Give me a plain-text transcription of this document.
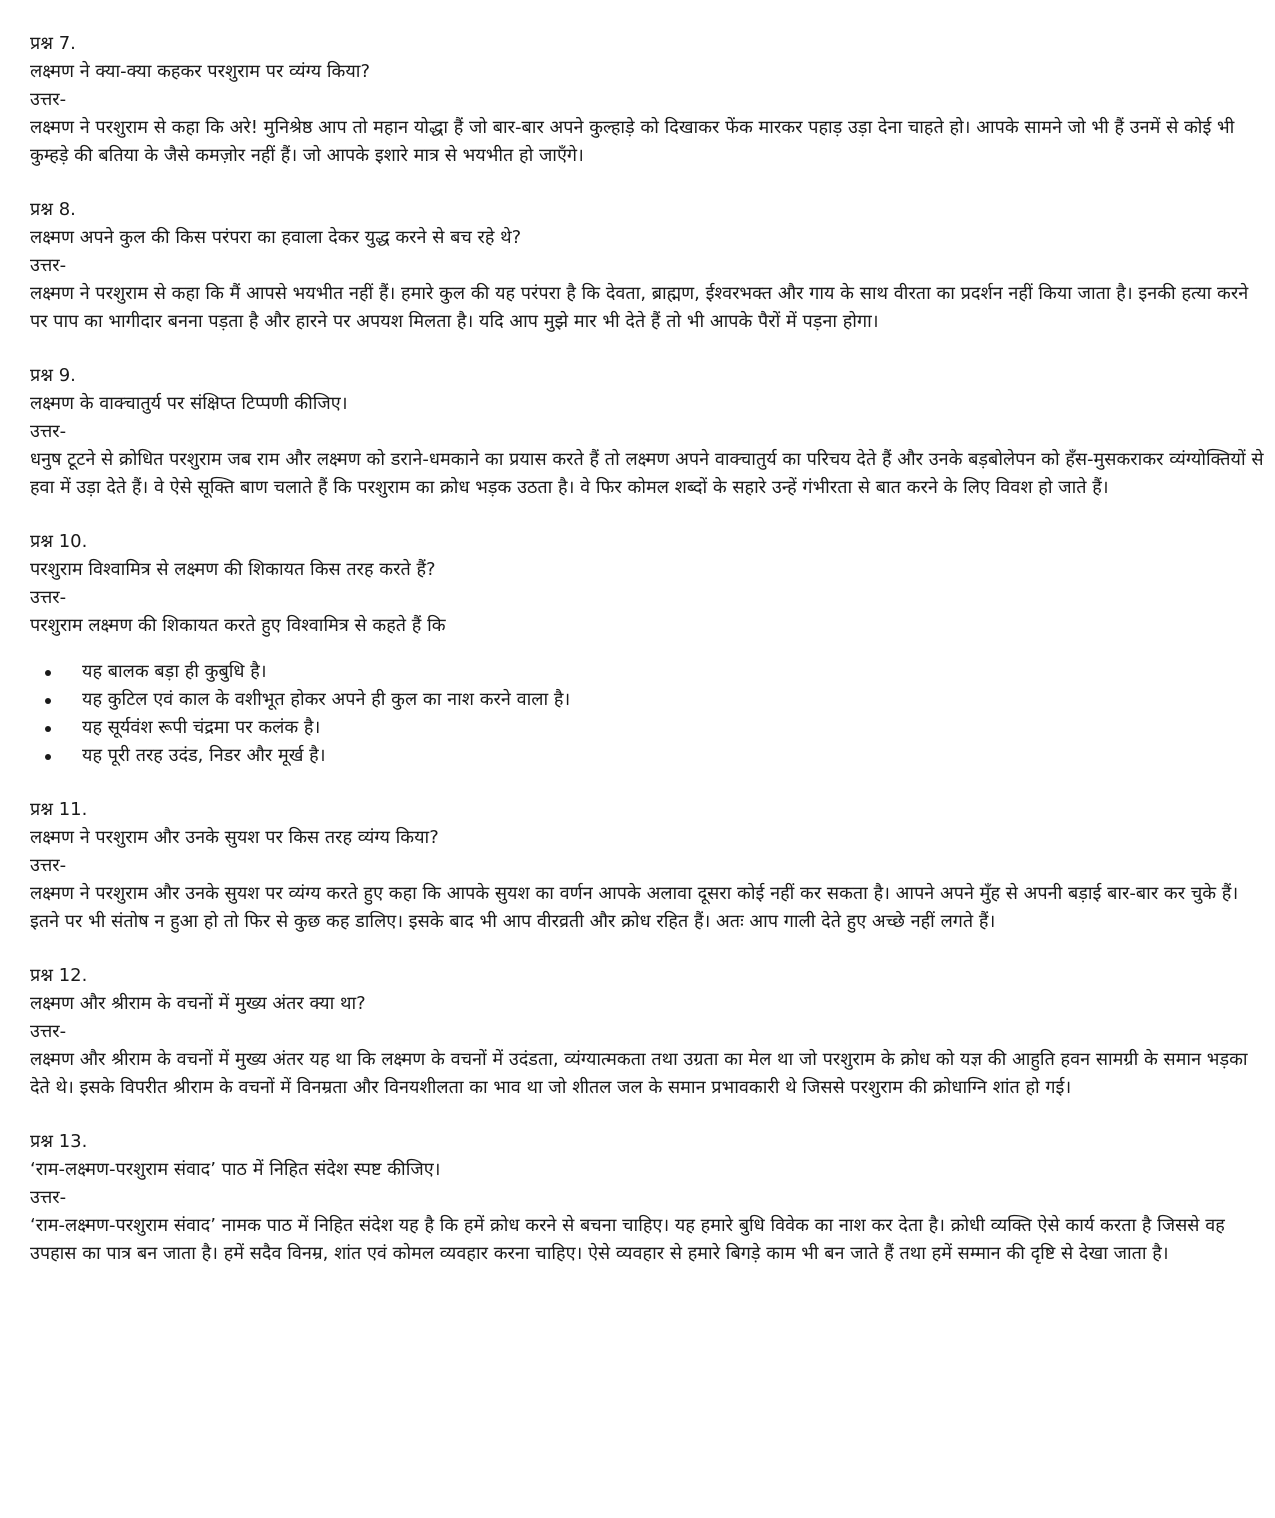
प्रश्न 7.
लक्ष्मण ने क्या-क्या कहकर परशुराम पर व्यंग्य किया?
उत्तर-

लक्ष्मण ने परशुराम से कहा कि अरे! मुनिश्रेष्ठ आप तो महान योद्धा हैं जो बार-बार अपने कुल्हाड़े को दिखाकर फेंक मारकर पहाड़ उड़ा देना चाहते हो। आपके सामने जो भी हैं उनमें से कोई भी कुम्हड़े की बतिया के जैसे कमज़ोर नहीं हैं। जो आपके इशारे मात्र से भयभीत हो जाएँगे।

प्रश्न 8.
लक्ष्मण अपने कुल की किस परंपरा का हवाला देकर युद्ध करने से बच रहे थे?
उत्तर-

लक्ष्मण ने परशुराम से कहा कि मैं आपसे भयभीत नहीं हैं। हमारे कुल की यह परंपरा है कि देवता, ब्राह्मण, ईश्वरभक्त और गाय के साथ वीरता का प्रदर्शन नहीं किया जाता है। इनकी हत्या करने पर पाप का भागीदार बनना पड़ता है और हारने पर अपयश मिलता है। यदि आप मुझे मार भी देते हैं तो भी आपके पैरों में पड़ना होगा।

प्रश्न 9.
लक्ष्मण के वाक्चातुर्य पर संक्षिप्त टिप्पणी कीजिए।
उत्तर-

धनुष टूटने से क्रोधित परशुराम जब राम और लक्ष्मण को डराने-धमकाने का प्रयास करते हैं तो लक्ष्मण अपने वाक्चातुर्य का परिचय देते हैं और उनके बड़बोलेपन को हँस-मुसकराकर व्यंग्योक्तियों से हवा में उड़ा देते हैं। वे ऐसे सूक्ति बाण चलाते हैं कि परशुराम का क्रोध भड़क उठता है। वे फिर कोमल शब्दों के सहारे उन्हें गंभीरता से बात करने के लिए विवश हो जाते हैं।

प्रश्न 10.
परशुराम विश्वामित्र से लक्ष्मण की शिकायत किस तरह करते हैं?
उत्तर-

परशुराम लक्ष्मण की शिकायत करते हुए विश्वामित्र से कहते हैं कि

यह बालक बड़ा ही कुबुधि है।
यह कुटिल एवं काल के वशीभूत होकर अपने ही कुल का नाश करने वाला है।
यह सूर्यवंश रूपी चंद्रमा पर कलंक है।
यह पूरी तरह उदंड, निडर और मूर्ख है।
प्रश्न 11.
लक्ष्मण ने परशुराम और उनके सुयश पर किस तरह व्यंग्य किया?
उत्तर-

लक्ष्मण ने परशुराम और उनके सुयश पर व्यंग्य करते हुए कहा कि आपके सुयश का वर्णन आपके अलावा दूसरा कोई नहीं कर सकता है। आपने अपने मुँह से अपनी बड़ाई बार-बार कर चुके हैं। इतने पर भी संतोष न हुआ हो तो फिर से कुछ कह डालिए। इसके बाद भी आप वीरव्रती और क्रोध रहित हैं। अतः आप गाली देते हुए अच्छे नहीं लगते हैं।

प्रश्न 12.
लक्ष्मण और श्रीराम के वचनों में मुख्य अंतर क्या था?
उत्तर-

लक्ष्मण और श्रीराम के वचनों में मुख्य अंतर यह था कि लक्ष्मण के वचनों में उदंडता, व्यंग्यात्मकता तथा उग्रता का मेल था जो परशुराम के क्रोध को यज्ञ की आहुति हवन सामग्री के समान भड़का देते थे। इसके विपरीत श्रीराम के वचनों में विनम्रता और विनयशीलता का भाव था जो शीतल जल के समान प्रभावकारी थे जिससे परशुराम की क्रोधाग्नि शांत हो गई।

प्रश्न 13.
‘राम-लक्ष्मण-परशुराम संवाद’ पाठ में निहित संदेश स्पष्ट कीजिए।
उत्तर-

‘राम-लक्ष्मण-परशुराम संवाद’ नामक पाठ में निहित संदेश यह है कि हमें क्रोध करने से बचना चाहिए। यह हमारे बुधि विवेक का नाश कर देता है। क्रोधी व्यक्ति ऐसे कार्य करता है जिससे वह उपहास का पात्र बन जाता है। हमें सदैव विनम्र, शांत एवं कोमल व्यवहार करना चाहिए। ऐसे व्यवहार से हमारे बिगड़े काम भी बन जाते हैं तथा हमें सम्मान की दृष्टि से देखा जाता है।
